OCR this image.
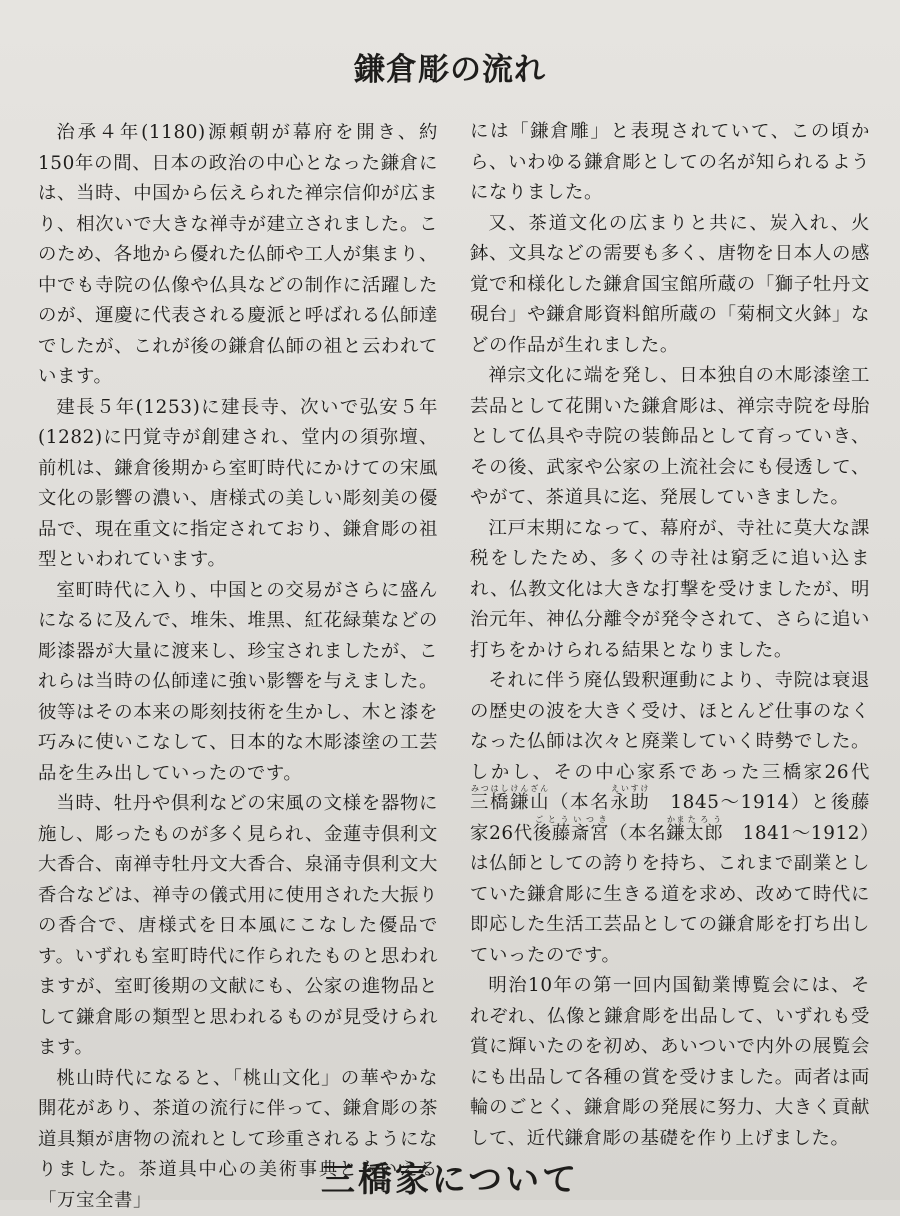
鎌倉彫の流れ

治承４年(1180)源頼朝が幕府を開き、約150年の間、日本の政治の中心となった鎌倉には、当時、中国から伝えられた禅宗信仰が広まり、相次いで大きな禅寺が建立されました。このため、各地から優れた仏師や工人が集まり、中でも寺院の仏像や仏具などの制作に活躍したのが、運慶に代表される慶派と呼ばれる仏師達でしたが、これが後の鎌倉仏師の祖と云われています。

建長５年(1253)に建長寺、次いで弘安５年(1282)に円覚寺が創建され、堂内の須弥壇、前机は、鎌倉後期から室町時代にかけての宋風文化の影響の濃い、唐様式の美しい彫刻美の優品で、現在重文に指定されており、鎌倉彫の祖型といわれています。

室町時代に入り、中国との交易がさらに盛んになるに及んで、堆朱、堆黒、紅花緑葉などの彫漆器が大量に渡来し、珍宝されましたが、これらは当時の仏師達に強い影響を与えました。彼等はその本来の彫刻技術を生かし、木と漆を巧みに使いこなして、日本的な木彫漆塗の工芸品を生み出していったのです。

当時、牡丹や倶利などの宋風の文様を器物に施し、彫ったものが多く見られ、金蓮寺倶利文大香合、南禅寺牡丹文大香合、泉涌寺倶利文大香合などは、禅寺の儀式用に使用された大振りの香合で、唐様式を日本風にこなした優品です。いずれも室町時代に作られたものと思われますが、室町後期の文献にも、公家の進物品として鎌倉彫の類型と思われるものが見受けられます。

桃山時代になると、「桃山文化」の華やかな開花があり、茶道の流行に伴って、鎌倉彫の茶道具類が唐物の流れとして珍重されるようになりました。茶道具中心の美術事典ともいえる「万宝全書」

には「鎌倉雕」と表現されていて、この頃から、いわゆる鎌倉彫としての名が知られるようになりました。

又、茶道文化の広まりと共に、炭入れ、火鉢、文具などの需要も多く、唐物を日本人の感覚で和様化した鎌倉国宝館所蔵の「獅子牡丹文硯台」や鎌倉彫資料館所蔵の「菊桐文火鉢」などの作品が生れました。

禅宗文化に端を発し、日本独自の木彫漆塗工芸品として花開いた鎌倉彫は、禅宗寺院を母胎として仏具や寺院の装飾品として育っていき、その後、武家や公家の上流社会にも侵透して、やがて、茶道具に迄、発展していきました。

江戸末期になって、幕府が、寺社に莫大な課税をしたため、多くの寺社は窮乏に追い込まれ、仏教文化は大きな打撃を受けましたが、明治元年、神仏分離令が発令されて、さらに追い打ちをかけられる結果となりました。

それに伴う廃仏毀釈運動により、寺院は衰退の歴史の波を大きく受け、ほとんど仕事のなくなった仏師は次々と廃業していく時勢でした。しかし、その中心家系であった三橋家26代三橋鎌山みつはしけんざん（本名永助えいすけ　1845〜1914）と後藤家26代後藤斎宮ごとういつき（本名鎌かま太郎たろう　1841〜1912）は仏師としての誇りを持ち、これまで副業としていた鎌倉彫に生きる道を求め、改めて時代に即応した生活工芸品としての鎌倉彫を打ち出していったのです。

明治10年の第一回内国勧業博覧会には、それぞれ、仏像と鎌倉彫を出品して、いずれも受賞に輝いたのを初め、あいついで内外の展覧会にも出品して各種の賞を受けました。両者は両輪のごとく、鎌倉彫の発展に努力、大きく貢献して、近代鎌倉彫の基礎を作り上げました。

三橋家について
